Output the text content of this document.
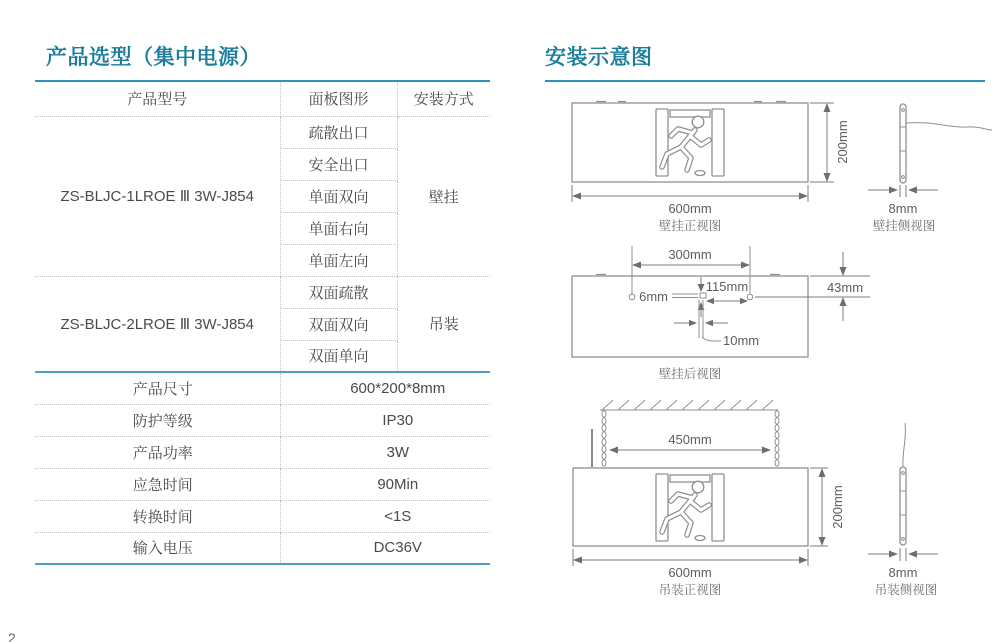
产品选型（集中电源）
产品型号	面板图形	安装方式
ZS-BLJC-1LROE Ⅲ 3W-J854	疏散出口	壁挂
	安全出口	
	单面双向	
	单面右向	
	单面左向	
ZS-BLJC-2LROE Ⅲ 3W-J854	双面疏散	吊装
	双面双向	
	双面单向	
产品尺寸	600*200*8mm	
防护等级	IP30	
产品功率	3W	
应急时间	90Min	
转换时间	<1S	
输入电压	DC36V	
安装示意图
200mm
600mm
壁挂正视图
8mm
壁挂侧视图
300mm
6mm
115mm
10mm
43mm
壁挂后视图
450mm
200mm
600mm
吊装正视图
8mm
吊装侧视图
2
